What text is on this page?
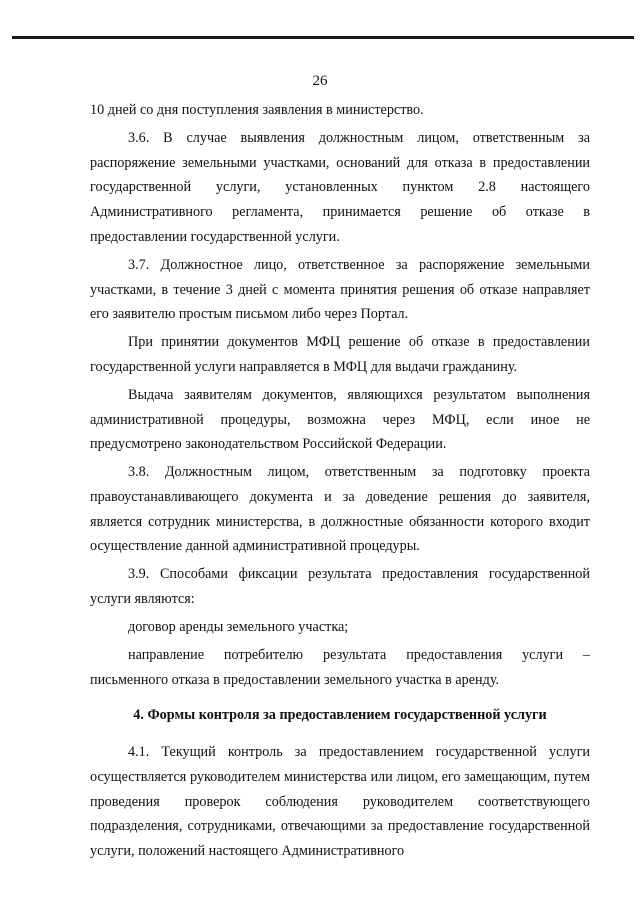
26

10 дней со дня поступления заявления в министерство.

3.6. В случае выявления должностным лицом, ответственным за распоряжение земельными участками, оснований для отказа в предоставлении государственной услуги, установленных пунктом 2.8 настоящего Административного регламента, принимается решение об отказе в предоставлении государственной услуги.

3.7. Должностное лицо, ответственное за распоряжение земельными участками, в течение 3 дней с момента принятия решения об отказе направляет его заявителю простым письмом либо через Портал.

При принятии документов МФЦ решение об отказе в предоставлении государственной услуги направляется в МФЦ для выдачи гражданину.

Выдача заявителям документов, являющихся результатом выполнения административной процедуры, возможна через МФЦ, если иное не предусмотрено законодательством Российской Федерации.

3.8. Должностным лицом, ответственным за подготовку проекта правоустанавливающего документа и за доведение решения до заявителя, является сотрудник министерства, в должностные обязанности которого входит осуществление данной административной процедуры.

3.9. Способами фиксации результата предоставления государственной услуги являются:

договор аренды земельного участка;

направление потребителю результата предоставления услуги – письменного отказа в предоставлении земельного участка в аренду.

4. Формы контроля за предоставлением государственной услуги

4.1. Текущий контроль за предоставлением государственной услуги осуществляется руководителем министерства или лицом, его замещающим, путем проведения проверок соблюдения руководителем соответствующего подразделения, сотрудниками, отвечающими за предоставление государственной услуги, положений настоящего Административного
